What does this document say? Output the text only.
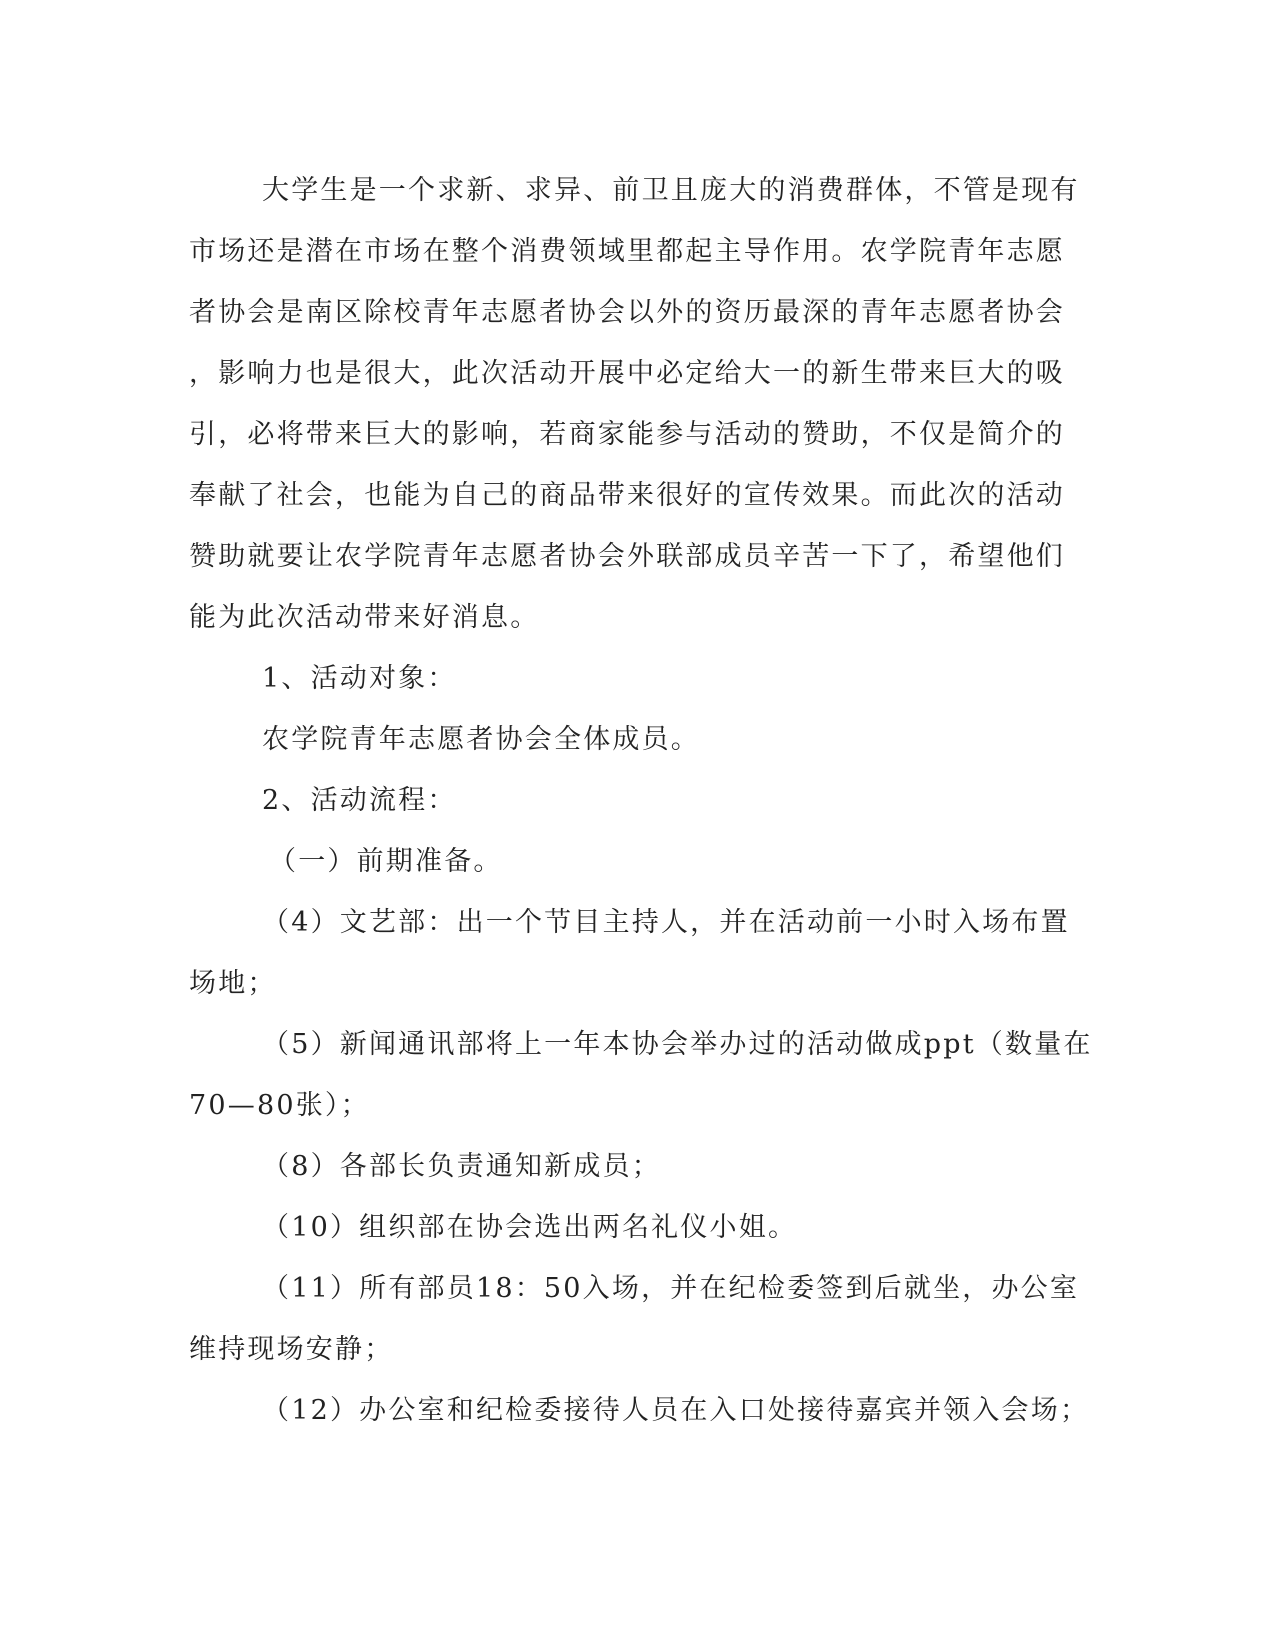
大学生是一个求新、求异、前卫且庞大的消费群体，不管是现有

市场还是潜在市场在整个消费领域里都起主导作用。农学院青年志愿

者协会是南区除校青年志愿者协会以外的资历最深的青年志愿者协会

，影响力也是很大，此次活动开展中必定给大一的新生带来巨大的吸

引，必将带来巨大的影响，若商家能参与活动的赞助，不仅是简介的

奉献了社会，也能为自己的商品带来很好的宣传效果。而此次的活动

赞助就要让农学院青年志愿者协会外联部成员辛苦一下了，希望他们

能为此次活动带来好消息。

1、活动对象：

农学院青年志愿者协会全体成员。

2、活动流程：

（一）前期准备。

（4）文艺部：出一个节目主持人，并在活动前一小时入场布置

场地；

（5）新闻通讯部将上一年本协会举办过的活动做成ppt（数量在

70—80张）；

（8）各部长负责通知新成员；

（10）组织部在协会选出两名礼仪小姐。

（11）所有部员18：50入场，并在纪检委签到后就坐，办公室

维持现场安静；

（12）办公室和纪检委接待人员在入口处接待嘉宾并领入会场；
